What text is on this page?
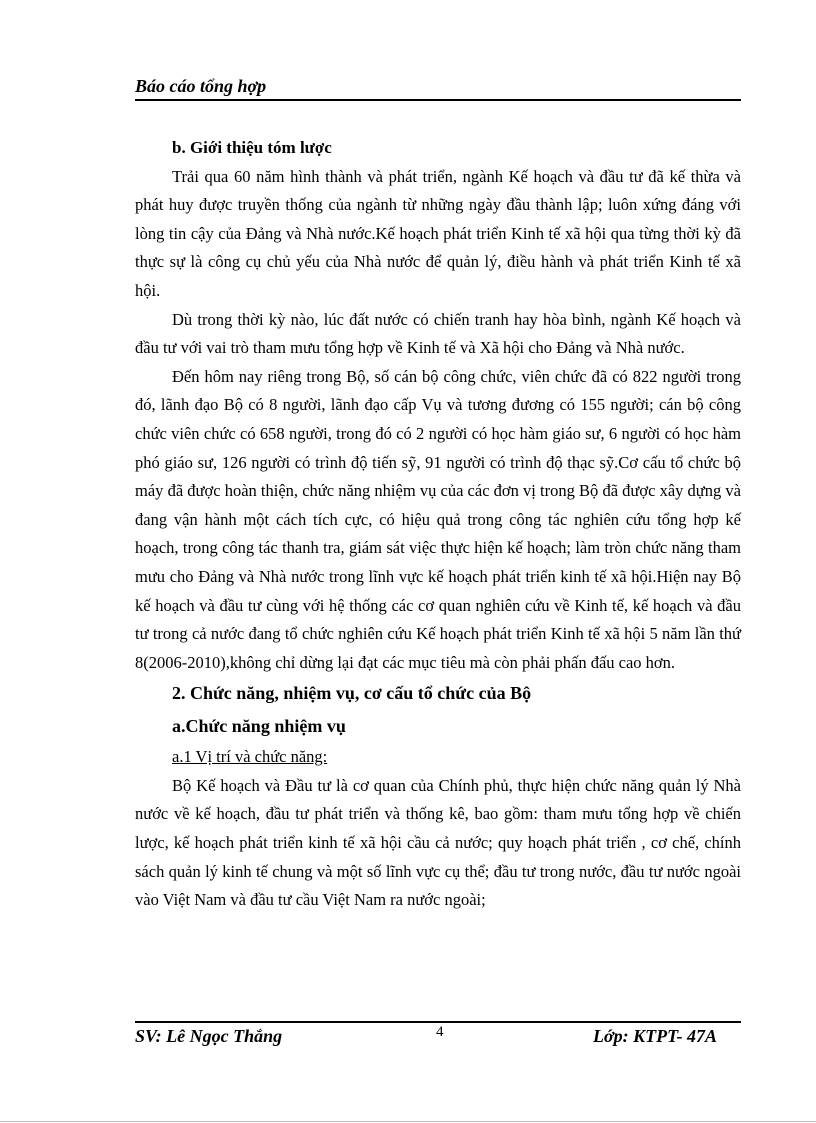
Báo cáo tổng hợp
b. Giới thiệu tóm lược

Trải qua 60 năm hình thành và phát triển, ngành Kế hoạch và đầu tư đã kế thừa và phát huy được truyền thống của ngành từ những ngày đầu thành lập; luôn xứng đáng với lòng tin cậy của Đảng và Nhà nước.Kế hoạch phát triển Kinh tế xã hội qua từng thời kỳ đã thực sự là công cụ chủ yếu của Nhà nước để quản lý, điều hành và phát triển Kinh tế xã hội.

Dù trong thời kỳ nào, lúc đất nước có chiến tranh hay hòa bình, ngành Kế hoạch và đầu tư với vai trò tham mưu tổng hợp về Kinh tế và Xã hội cho Đảng và Nhà nước.

Đến hôm nay riêng trong Bộ, số cán bộ công chức, viên chức đã có 822 người trong đó, lãnh đạo Bộ có 8 người, lãnh đạo cấp Vụ và tương đương có 155 người; cán bộ công chức viên chức có 658 người, trong đó có 2 người có học hàm giáo sư, 6 người có học hàm phó giáo sư, 126 người có trình độ tiến sỹ, 91 người có trình độ thạc sỹ.Cơ cấu tổ chức bộ máy đã được hoàn thiện, chức năng nhiệm vụ của các đơn vị trong Bộ đã được xây dựng và đang vận hành một cách tích cực, có hiệu quả trong công tác nghiên cứu tổng hợp kế hoạch, trong công tác thanh tra, giám sát việc thực hiện kế hoạch; làm tròn chức năng tham mưu cho Đảng và Nhà nước trong lĩnh vực kế hoạch phát triển kinh tế xã hội.Hiện nay Bộ kế hoạch và đầu tư cùng với hệ thống các cơ quan nghiên cứu về Kinh tế, kế hoạch và đầu tư trong cả nước đang tổ chức nghiên cứu Kế hoạch phát triển Kinh tế xã hội 5 năm lần thứ 8(2006-2010),không chỉ dừng lại đạt các mục tiêu mà còn phải phấn đấu cao hơn.

2. Chức năng, nhiệm vụ, cơ cấu tổ chức của Bộ
a.Chức năng nhiệm vụ
a.1 Vị trí và chức năng:

Bộ Kế hoạch và Đầu tư là cơ quan của Chính phủ, thực hiện chức năng quản lý Nhà nước về kế hoạch, đầu tư phát triển và thống kê, bao gồm: tham mưu tổng hợp về chiến lược, kế hoạch phát triển kinh tế xã hội cầu cả nước; quy hoạch phát triển , cơ chế, chính sách quản lý kinh tế chung và một số lĩnh vực cụ thể; đầu tư trong nước, đầu tư nước ngoài vào Việt Nam và đầu tư cầu Việt Nam ra nước ngoài;

SV: Lê Ngọc Thắng	4	Lớp: KTPT- 47A
